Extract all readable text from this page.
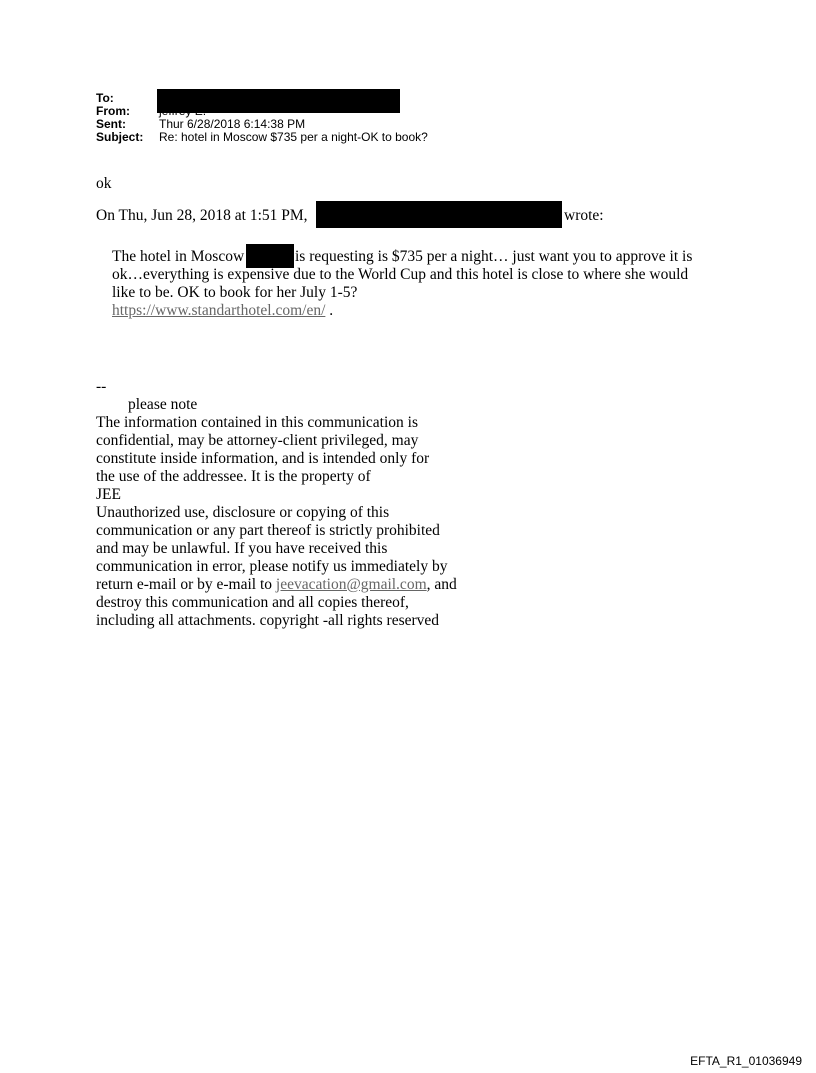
To:
From:
Sent:	Thur 6/28/2018 6:14:38 PM
Subject: Re: hotel in Moscow $735 per a night-OK to book?
ok
On Thu, Jun 28, 2018 at 1:51 PM,	wrote:
The hotel in Moscow	is requesting is $735 per a night… just want you to approve it is
ok…everything is expensive due to the World Cup and this hotel is close to where she would
like to be. OK to book for her July 1-5?
https://www.standarthotel.com/en/ .
--
please note
The information contained in this communication is
confidential, may be attorney-client privileged, may
constitute inside information, and is intended only for
the use of the addressee. It is the property of
JEE
Unauthorized use, disclosure or copying of this
communication or any part thereof is strictly prohibited
and may be unlawful. If you have received this
communication in error, please notify us immediately by
return e-mail or by e-mail to jeevacation@gmail.com, and
destroy this communication and all copies thereof,
including all attachments. copyright -all rights reserved
EFTA_R1_01036949
